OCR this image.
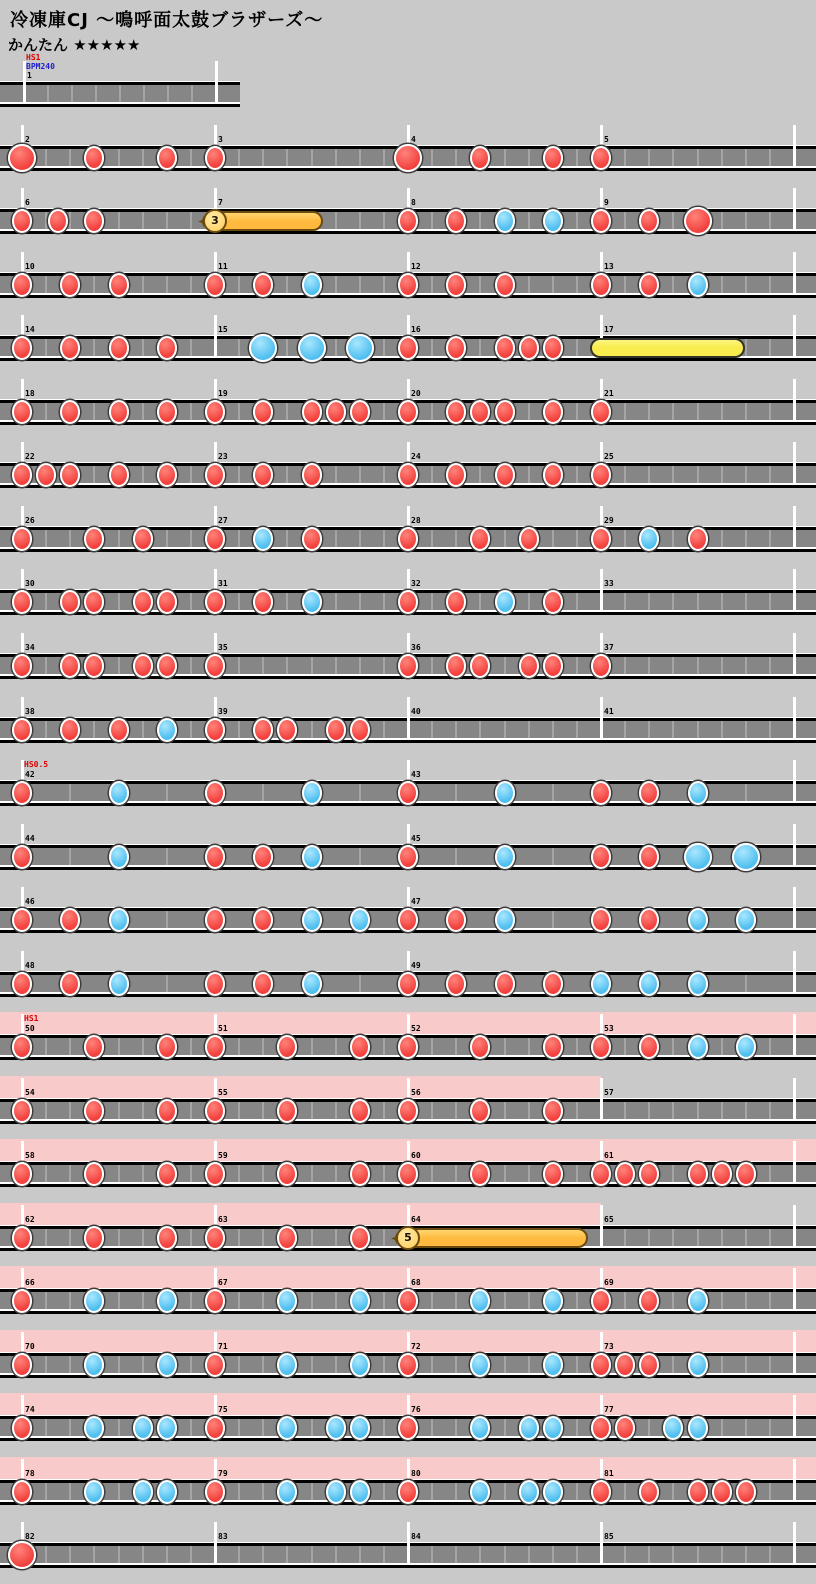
冷凍庫CJ ～鳴呼面太鼓ブラザーズ～
かんたん ★★★★★
HS1
BPM240
1
2	3	4	5
3
6	7	8	9
10	11	12	13
14	15	16	17
18	19	20	21
22	23	24	25
26	27	28	29
30	31	32	33
34	35	36	37
38	39	40	41
HS0.5
42	43
44	45
46	47
48	49
HS1
50	51	52	53
54	55	56	57
58	59	60	61
5
62	63	64	65
66	67	68	69
70	71	72	73
74	75	76	77
78	79	80	81
82	83	84	85
